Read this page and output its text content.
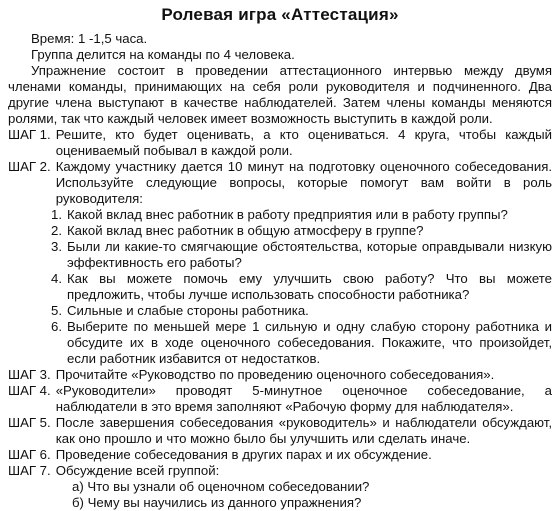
Ролевая игра «Аттестация»

Время: 1 -1,5 часа.

Группа делится на команды по 4 человека.

Упражнение состоит в проведении аттестационного интервью между двумя членами команды, принимающих на себя роли руководителя и подчиненного. Два другие члена выступают в качестве наблюдателей. Затем члены команды меняются ролями, так что каждый человек имеет возможность выступить в каждой роли.

ШАГ 1. Решите, кто будет оценивать, а кто оцениваться. 4 круга, чтобы каждый оцениваемый побывал в каждой роли.
ШАГ 2. Каждому участнику дается 10 минут на подготовку оценочного собеседования. Используйте следующие вопросы, которые помогут вам войти в роль руководителя:
1. Какой вклад внес работник в работу предприятия или в работу группы?
2. Какой вклад внес работник в общую атмосферу в группе?
3. Были ли какие-то смягчающие обстоятельства, которые оправдывали низкую эффективность его работы?
4. Как вы можете помочь ему улучшить свою работу? Что вы можете предложить, чтобы лучше использовать способности работника?
5. Сильные и слабые стороны работника.
6. Выберите по меньшей мере 1 сильную и одну слабую сторону работника и обсудите их в ходе оценочного собеседования. Покажите, что произойдет, если работник избавится от недостатков.
ШАГ 3. Прочитайте «Руководство по проведению оценочного собеседования».
ШАГ 4. «Руководители» проводят 5-минутное оценочное собеседование, а наблюдатели в это время заполняют «Рабочую форму для наблюдателя».
ШАГ 5. После завершения собеседования «руководитель» и наблюдатели обсуждают, как оно прошло и что можно было бы улучшить или сделать иначе.
ШАГ 6. Проведение собеседования в других парах и их обсуждение.
ШАГ 7. Обсуждение всей группой:

а) Что вы узнали об оценочном собеседовании?

б) Чему вы научились из данного упражнения?
